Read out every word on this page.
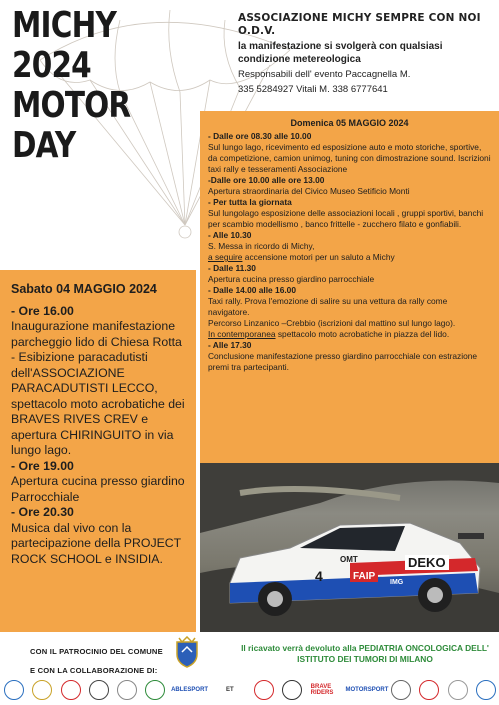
MICHY 2024
MOTOR DAY
ASSOCIAZIONE MICHY SEMPRE CON NOI O.D.V.
la manifestazione si svolgerà con qualsiasi condizione metereologica
Responsabili dell' evento Paccagnella M.
335 5284927 Vitali M. 338 6777641
Domenica 05 MAGGIO 2024
- Dalle ore 08.30 alle 10.00
Sul lungo lago, ricevimento ed esposizione auto e moto storiche, sportive, da competizione, camion unimog, tuning con dimostrazione sound. Iscrizioni taxi rally e tesseramenti Associazione
-Dalle ore 10.00 alle ore 13.00
Apertura straordinaria del Civico Museo Setificio Monti
- Per tutta la giornata
Sul lungolago esposizione delle associazioni locali , gruppi sportivi, banchi per scambio modellismo , banco frittelle - zucchero filato e gonfiabili.
- Alle 10.30
S. Messa in ricordo di Michy,
a seguire accensione motori per un saluto a Michy
- Dalle 11.30
Apertura cucina presso giardino parrocchiale
- Dalle 14.00 alle 16.00
Taxi rally. Prova l'emozione di salire su una vettura da rally come navigatore.
Percorso Linzanico –Crebbio (iscrizioni dal mattino sul lungo lago).
In contemporanea spettacolo moto acrobatiche in piazza del lido.
- Alle 17.30
Conclusione manifestazione presso giardino parrocchiale con estrazione premi tra partecipanti.
Sabato 04 MAGGIO 2024
- Ore 16.00
Inaugurazione manifestazione parcheggio lido di Chiesa Rotta
- Esibizione paracadutisti dell'ASSOCIAZIONE PARACADUTISTI LECCO, spettacolo moto acrobatiche dei BRAVES RIVES CREV e apertura CHIRINGUITO in via lungo lago.
- Ore 19.00
Apertura cucina presso giardino Parrocchiale
- Ore 20.30
Musica dal vivo con la partecipazione della PROJECT ROCK SCHOOL e INSIDIA.
4
DEKO
FAIP
OMT
IMG
CON IL PATROCINIO DEL COMUNE
E CON LA COLLABORAZIONE DI:
Il ricavato verrà devoluto alla PEDIATRIA ONCOLOGICA DELL' ISTITUTO DEI TUMORI DI MILANO
ABLESPORT	ET	BRAVE RIDERS	MOTORSPORT
